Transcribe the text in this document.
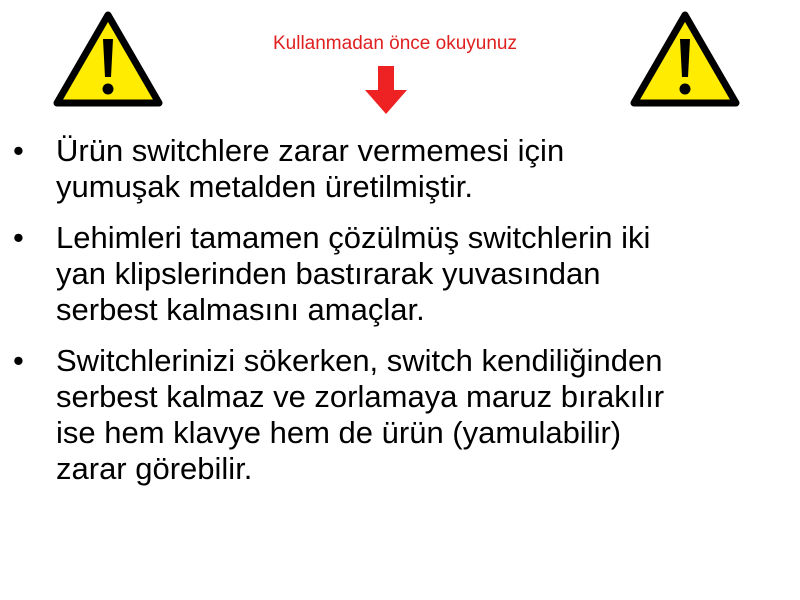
Kullanmadan önce okuyunuz
• Ürün switchlere zarar vermemesi için
yumuşak metalden üretilmiştir.
• Lehimleri tamamen çözülmüş switchlerin iki
yan klipslerinden bastırarak yuvasından
serbest kalmasını amaçlar.
• Switchlerinizi sökerken, switch kendiliğinden
serbest kalmaz ve zorlamaya maruz bırakılır
ise hem klavye hem de ürün (yamulabilir)
zarar görebilir.
